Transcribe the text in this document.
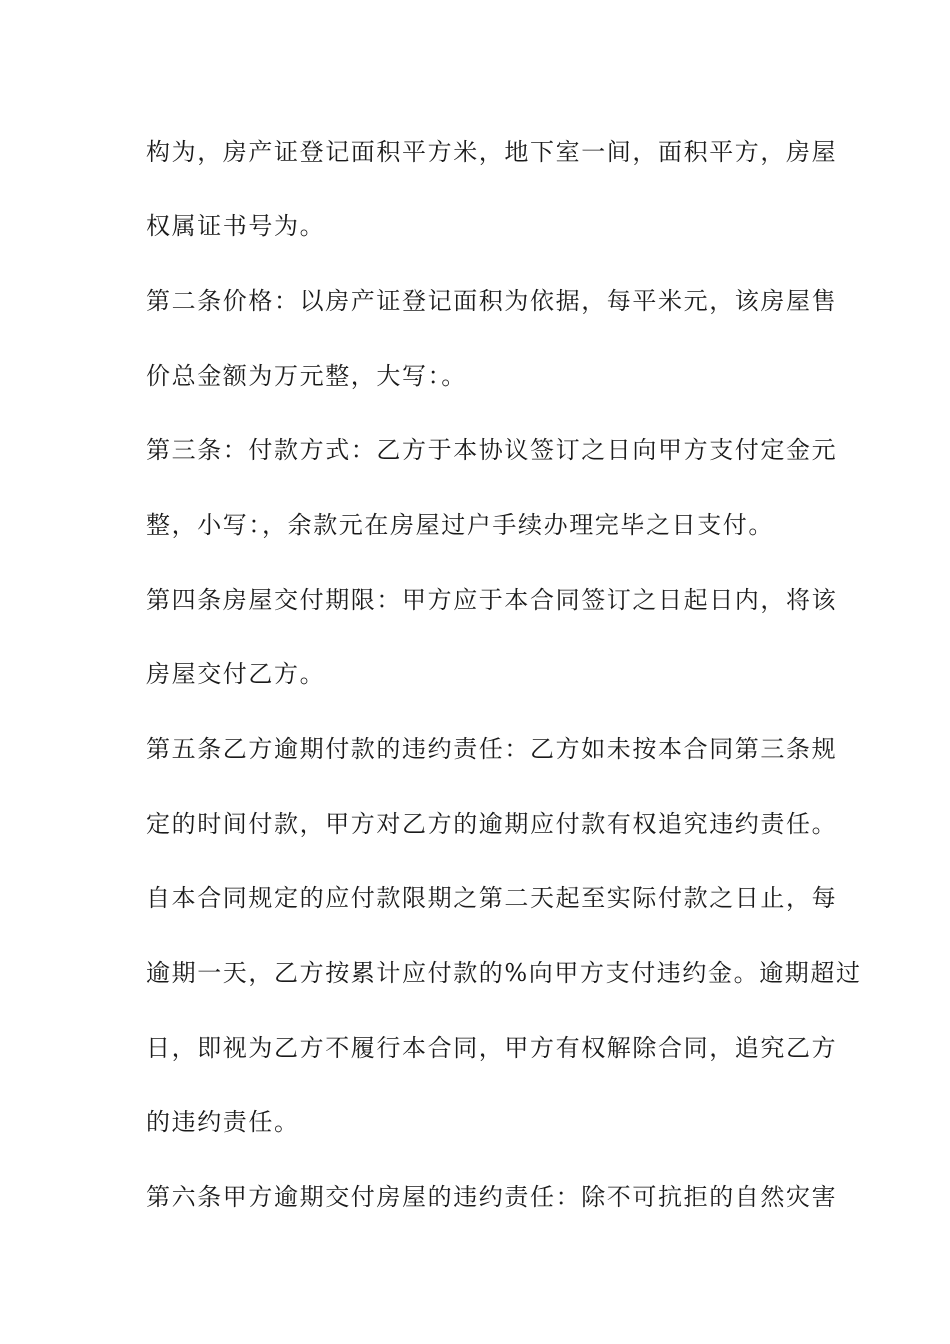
构为，房产证登记面积平方米，地下室一间，面积平方，房屋
权属证书号为。
第二条价格：以房产证登记面积为依据，每平米元，该房屋售
价总金额为万元整，大写：。
第三条：付款方式：乙方于本协议签订之日向甲方支付定金元
整，小写：，余款元在房屋过户手续办理完毕之日支付。
第四条房屋交付期限：甲方应于本合同签订之日起日内，将该
房屋交付乙方。
第五条乙方逾期付款的违约责任：乙方如未按本合同第三条规
定的时间付款，甲方对乙方的逾期应付款有权追究违约责任。
自本合同规定的应付款限期之第二天起至实际付款之日止，每
逾期一天，乙方按累计应付款的%向甲方支付违约金。逾期超过
日，即视为乙方不履行本合同，甲方有权解除合同，追究乙方
的违约责任。
第六条甲方逾期交付房屋的违约责任：除不可抗拒的自然灾害
